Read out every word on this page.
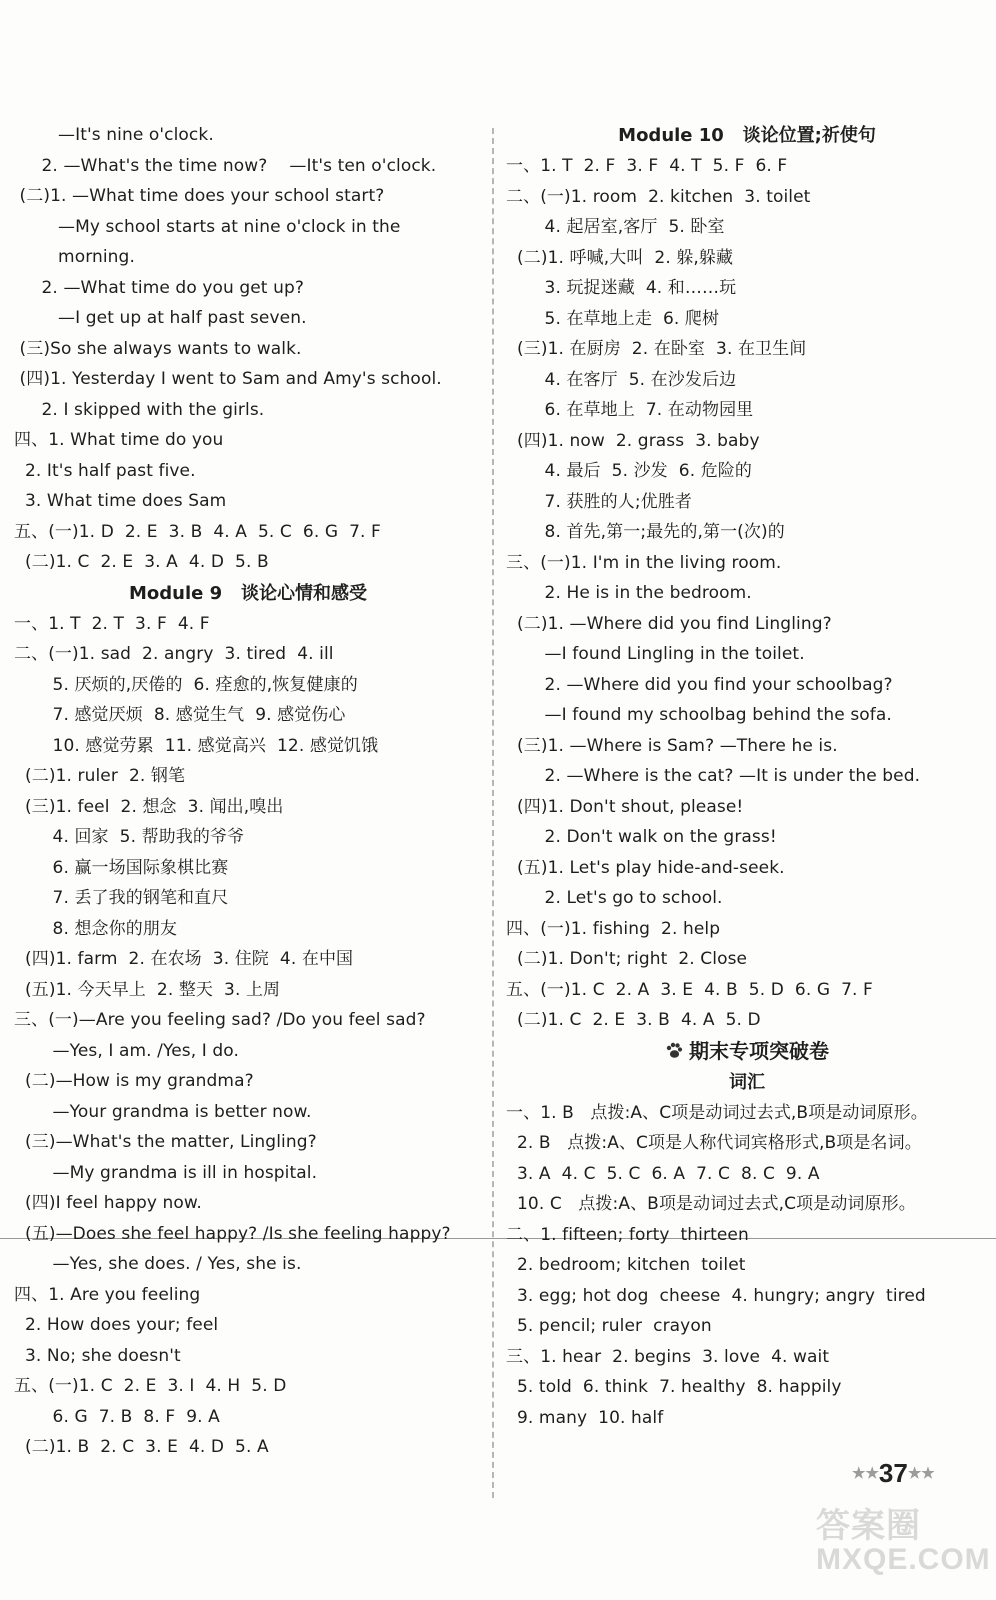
—It's nine o'clock.
2. —What's the time now?    —It's ten o'clock.
(二)1. —What time does your school start?
—My school starts at nine o'clock in the
morning.
2. —What time do you get up?
—I get up at half past seven.
(三)So she always wants to walk.
(四)1. Yesterday I went to Sam and Amy's school.
2. I skipped with the girls.
四、1. What time do you
2. It's half past five.
3. What time does Sam
五、(一)1. D  2. E  3. B  4. A  5. C  6. G  7. F
(二)1. C  2. E  3. A  4. D  5. B
Module 9   谈论心情和感受
一、1. T  2. T  3. F  4. F
二、(一)1. sad  2. angry  3. tired  4. ill
5. 厌烦的,厌倦的  6. 痊愈的,恢复健康的
7. 感觉厌烦  8. 感觉生气  9. 感觉伤心
10. 感觉劳累  11. 感觉高兴  12. 感觉饥饿
(二)1. ruler  2. 钢笔
(三)1. feel  2. 想念  3. 闻出,嗅出
4. 回家  5. 帮助我的爷爷
6. 赢一场国际象棋比赛
7. 丢了我的钢笔和直尺
8. 想念你的朋友
(四)1. farm  2. 在农场  3. 住院  4. 在中国
(五)1. 今天早上  2. 整天  3. 上周
三、(一)—Are you feeling sad? /Do you feel sad?
—Yes, I am. /Yes, I do.
(二)—How is my grandma?
—Your grandma is better now.
(三)—What's the matter, Lingling?
—My grandma is ill in hospital.
(四)I feel happy now.
(五)—Does she feel happy? /Is she feeling happy?
—Yes, she does. / Yes, she is.
四、1. Are you feeling
2. How does your; feel
3. No; she doesn't
五、(一)1. C  2. E  3. I  4. H  5. D
6. G  7. B  8. F  9. A
(二)1. B  2. C  3. E  4. D  5. A
Module 10   谈论位置;祈使句
一、1. T  2. F  3. F  4. T  5. F  6. F
二、(一)1. room  2. kitchen  3. toilet
4. 起居室,客厅  5. 卧室
(二)1. 呼喊,大叫  2. 躲,躲藏
3. 玩捉迷藏  4. 和……玩
5. 在草地上走  6. 爬树
(三)1. 在厨房  2. 在卧室  3. 在卫生间
4. 在客厅  5. 在沙发后边
6. 在草地上  7. 在动物园里
(四)1. now  2. grass  3. baby
4. 最后  5. 沙发  6. 危险的
7. 获胜的人;优胜者
8. 首先,第一;最先的,第一(次)的
三、(一)1. I'm in the living room.
2. He is in the bedroom.
(二)1. —Where did you find Lingling?
—I found Lingling in the toilet.
2. —Where did you find your schoolbag?
—I found my schoolbag behind the sofa.
(三)1. —Where is Sam? —There he is.
2. —Where is the cat? —It is under the bed.
(四)1. Don't shout, please!
2. Don't walk on the grass!
(五)1. Let's play hide-and-seek.
2. Let's go to school.
四、(一)1. fishing  2. help
(二)1. Don't; right  2. Close
五、(一)1. C  2. A  3. E  4. B  5. D  6. G  7. F
(二)1. C  2. E  3. B  4. A  5. D
期末专项突破卷
词汇
一、1. B   点拨:A、C项是动词过去式,B项是动词原形。
2. B   点拨:A、C项是人称代词宾格形式,B项是名词。
3. A  4. C  5. C  6. A  7. C  8. C  9. A
10. C   点拨:A、B项是动词过去式,C项是动词原形。
二、1. fifteen; forty  thirteen
2. bedroom; kitchen  toilet
3. egg; hot dog  cheese  4. hungry; angry  tired
5. pencil; ruler  crayon
三、1. hear  2. begins  3. love  4. wait
5. told  6. think  7. healthy  8. happily
9. many  10. half
★★37★★
答案圈
MXQE.COM
